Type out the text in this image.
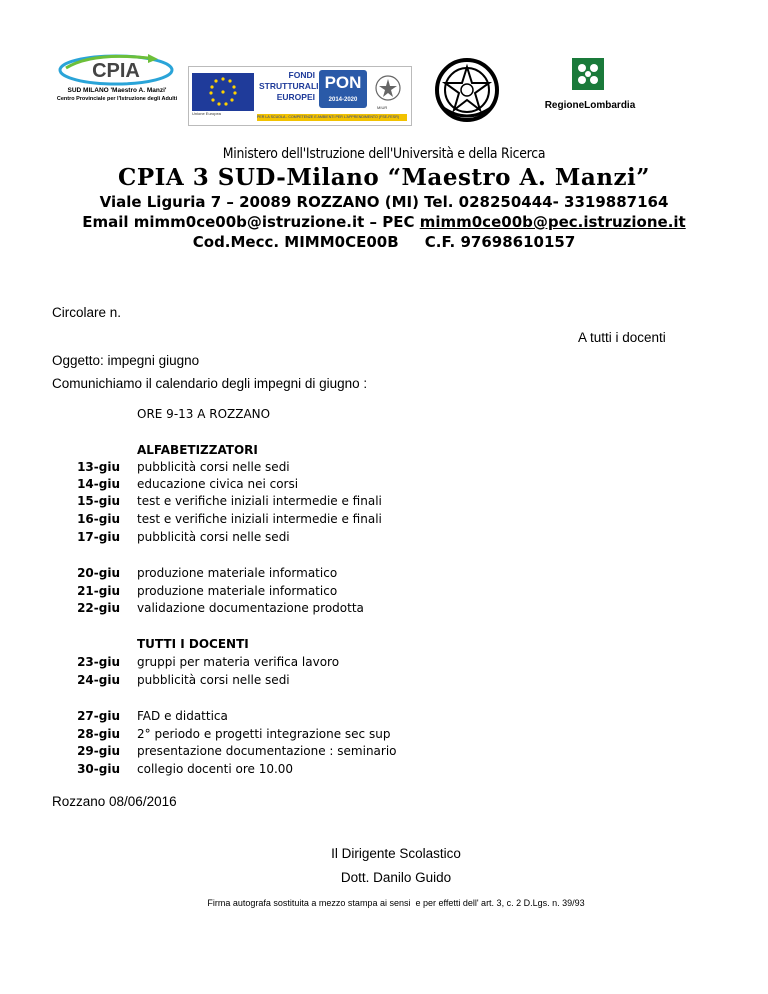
CPIA
SUD MILANO 'Maestro A. Manzi'
Centro Provinciale per l'Istruzione degli Adulti
Unione Europea
FONDI
STRUTTURALI
EUROPEI
PON
2014-2020
MIUR
PER LA SCUOLA - COMPETENZE E AMBIENTI PER L'APPRENDIMENTO (FSE-FESR)
RegioneLombardia
Ministero dell'Istruzione dell'Università e della Ricerca
CPIA 3 SUD-Milano “Maestro A. Manzi”
Viale Liguria 7 – 20089 ROZZANO (MI) Tel. 028250444- 3319887164
Email mimm0ce00b@istruzione.it – PEC mimm0ce00b@pec.istruzione.it
Cod.Mecc. MIMM0CE00B     C.F. 97698610157
Circolare n.
A tutti i docenti
Oggetto: impegni giugno
Comunichiamo il calendario degli impegni di giugno :
ORE 9-13 A ROZZANO
ALFABETIZZATORI
13-giu pubblicità corsi nelle sedi
14-giu educazione civica nei corsi
15-giu test e verifiche iniziali intermedie e finali
16-giu test e verifiche iniziali intermedie e finali
17-giu pubblicità corsi nelle sedi
20-giu produzione materiale informatico
21-giu produzione materiale informatico
22-giu validazione documentazione prodotta
TUTTI I DOCENTI
23-giu gruppi per materia verifica lavoro
24-giu pubblicità corsi nelle sedi
27-giu FAD e didattica
28-giu 2° periodo e progetti integrazione sec sup
29-giu presentazione documentazione : seminario
30-giu collegio docenti ore 10.00
Rozzano 08/06/2016
Il Dirigente Scolastico
Dott. Danilo Guido
Firma autografa sostituita a mezzo stampa ai sensi  e per effetti dell' art. 3, c. 2 D.Lgs. n. 39/93
